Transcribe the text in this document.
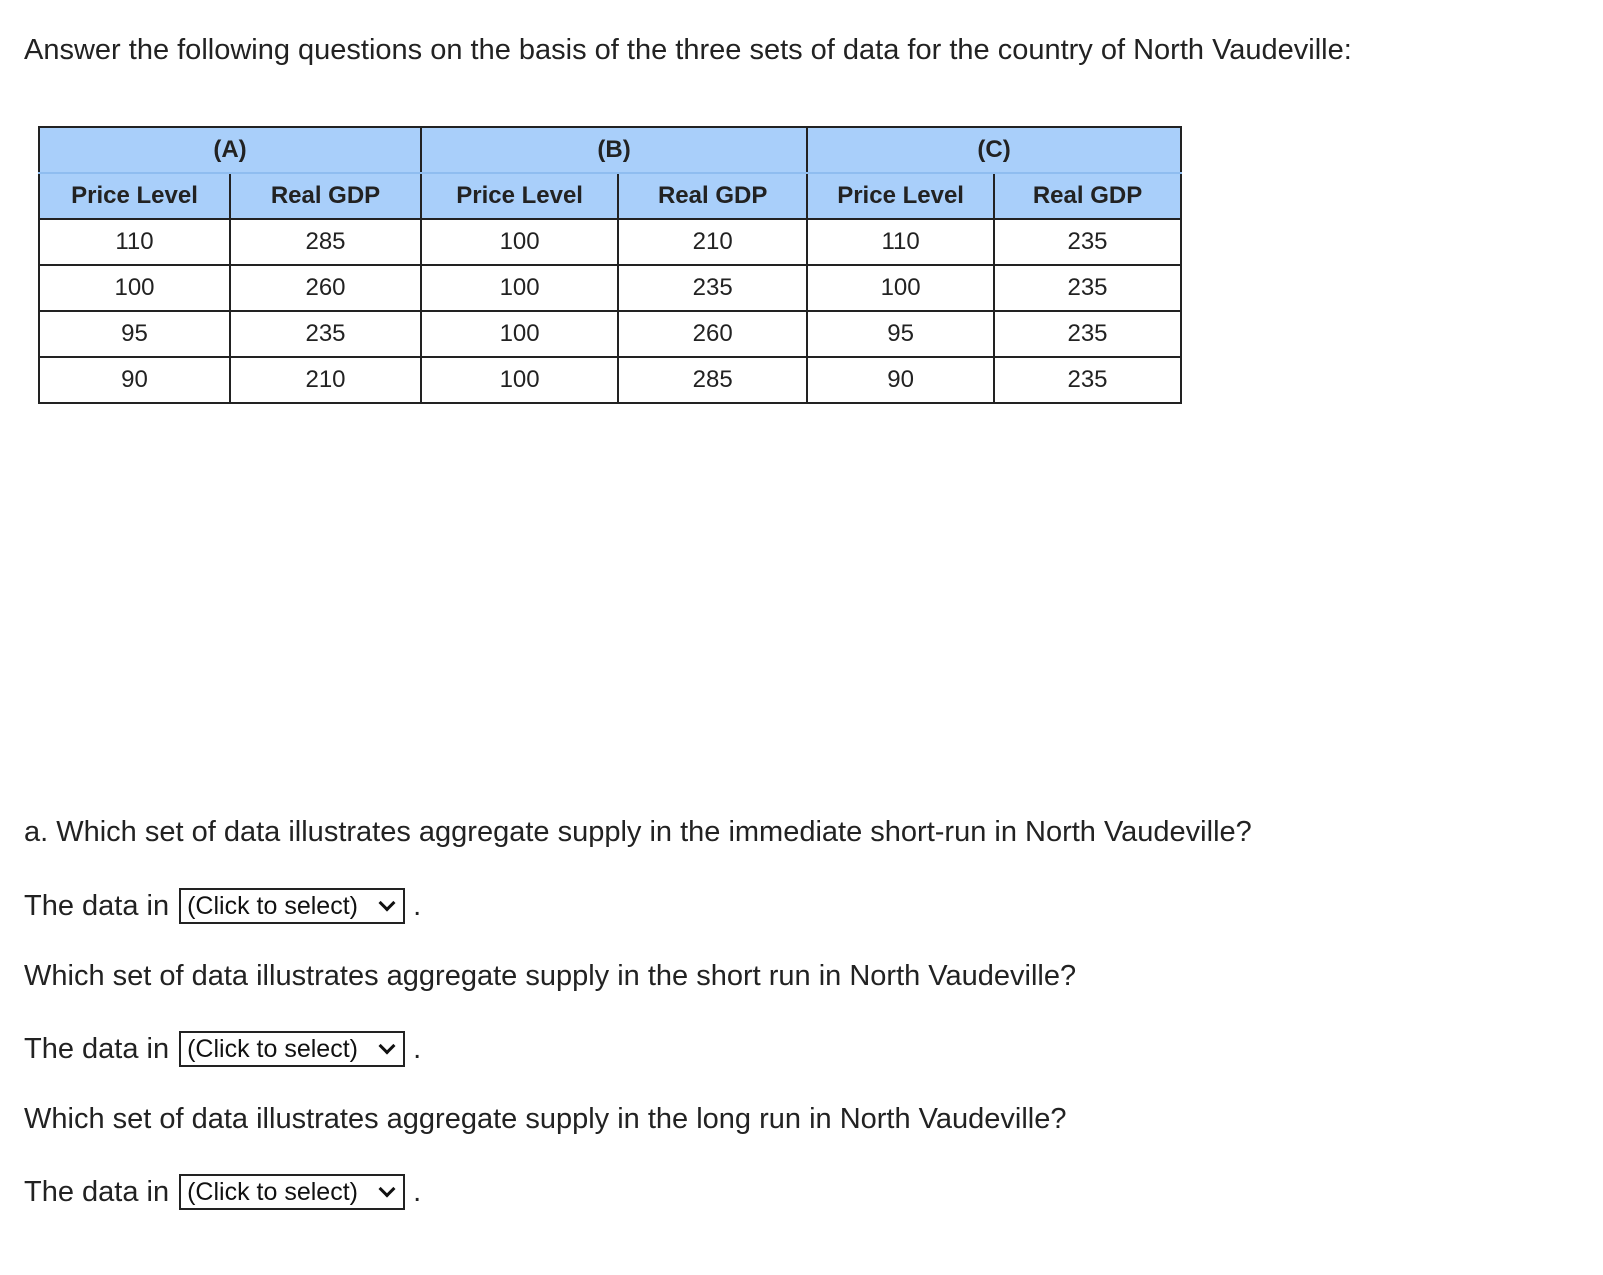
Answer the following questions on the basis of the three sets of data for the country of North Vaudeville:

(A)		(B)		(C)	
Price Level	Real GDP	Price Level	Real GDP	Price Level	Real GDP
110	285	100	210	110	235
100	260	100	235	100	235
95	235	100	260	95	235
90	210	100	285	90	235

a. Which set of data illustrates aggregate supply in the immediate short-run in North Vaudeville?

The data in (Click to select)	.

Which set of data illustrates aggregate supply in the short run in North Vaudeville?

The data in (Click to select)	.

Which set of data illustrates aggregate supply in the long run in North Vaudeville?

The data in (Click to select)	.
